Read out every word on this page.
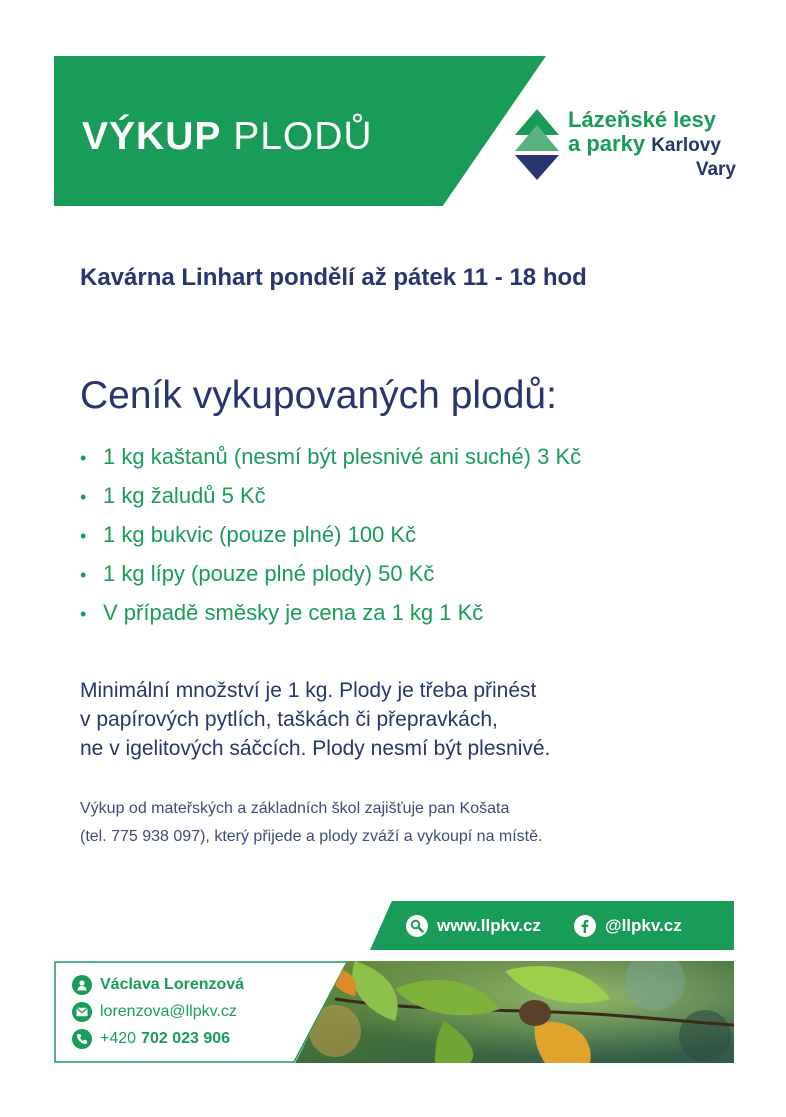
VÝKUP PLODŮ	Lázeňské lesy
a parky Karlovy
Vary
Kavárna Linhart pondělí až pátek 11 - 18 hod
Ceník vykupovaných plodů:
• 1 kg kaštanů (nesmí být plesnivé ani suché) 3 Kč
• 1 kg žaludů 5 Kč
• 1 kg bukvic (pouze plné) 100 Kč
• 1 kg lípy (pouze plné plody) 50 Kč
• V případě směsky je cena za 1 kg 1 Kč
Minimální množství je 1 kg. Plody je třeba přinést
v papírových pytlích, taškách či přepravkách,
ne v igelitových sáčcích. Plody nesmí být plesnivé.
Výkup od mateřských a základních škol zajišťuje pan Košata
(tel. 775 938 097), který přijede a plody zváží a vykoupí na místě.
www.llpkv.cz	@llpkv.cz
Václava Lorenzová
lorenzova@llpkv.cz
+420 702 023 906
